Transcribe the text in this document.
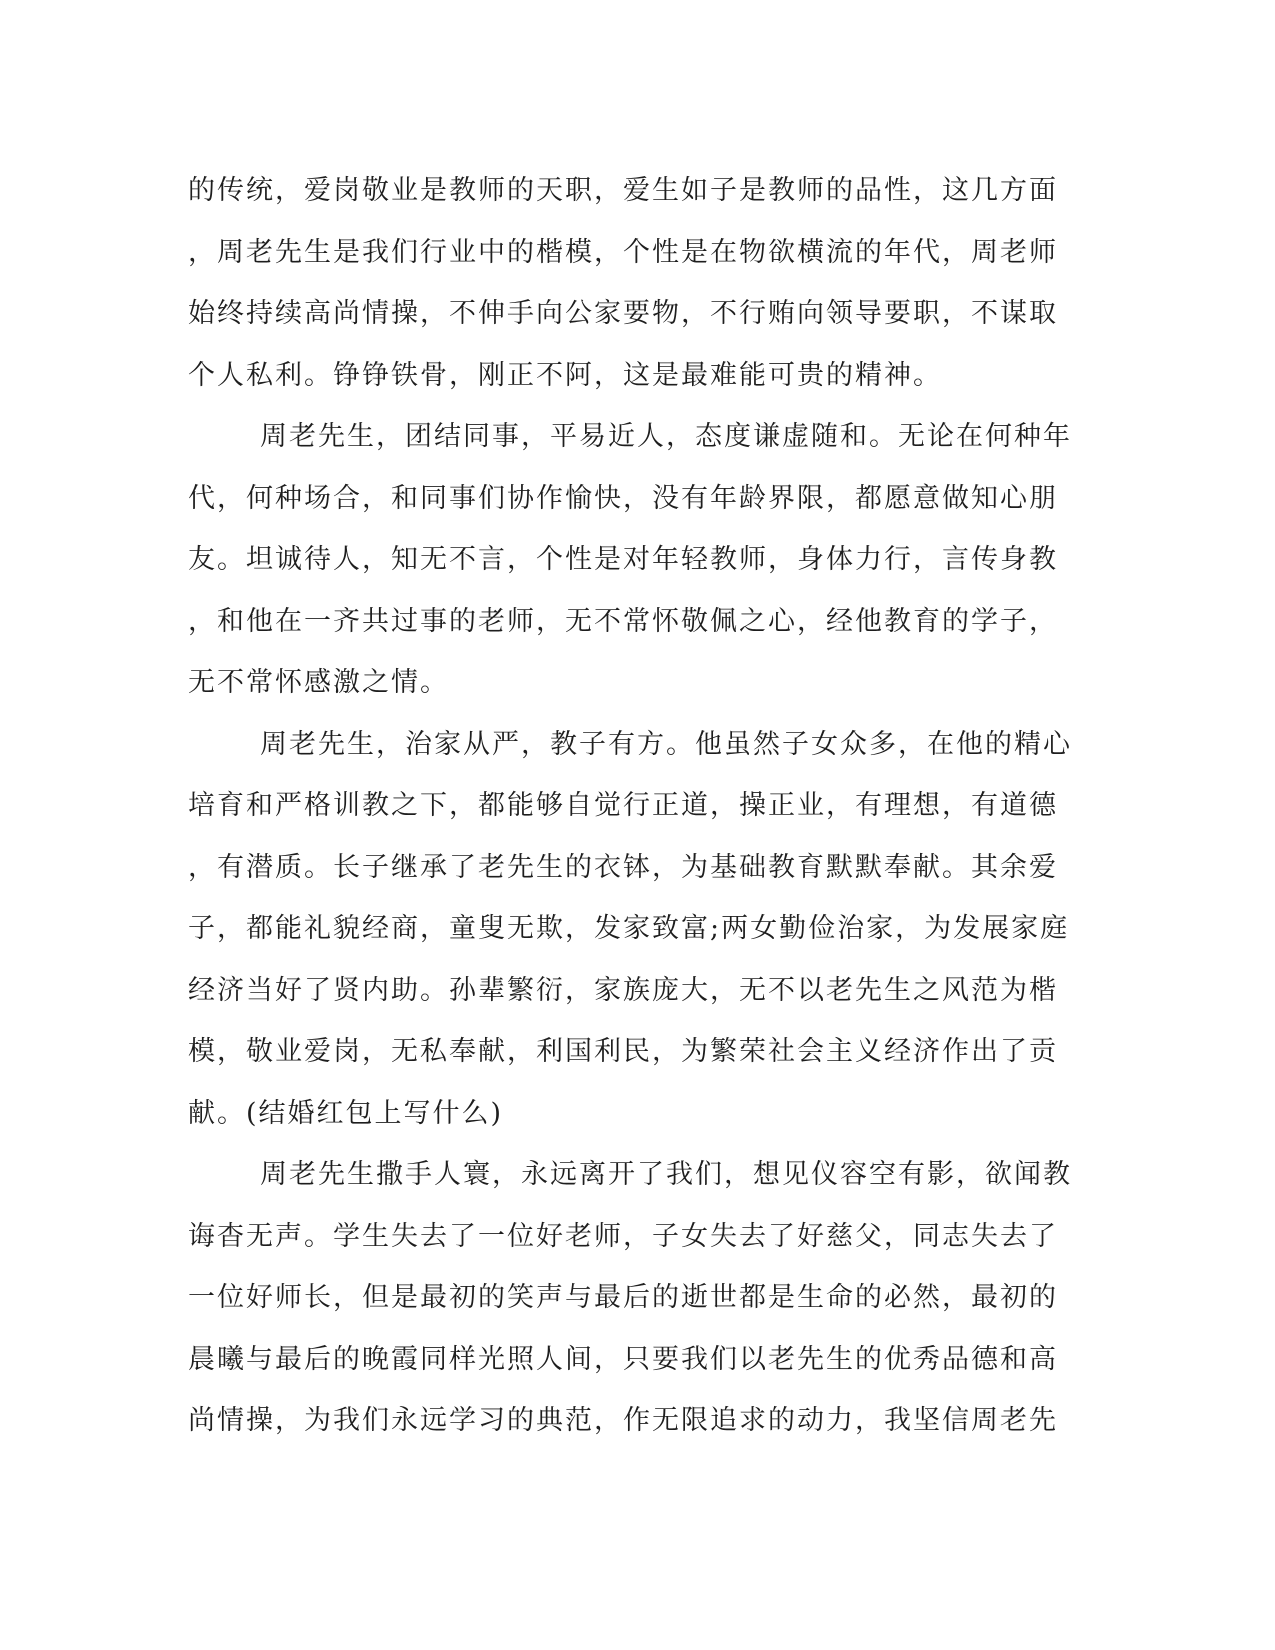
的传统，爱岗敬业是教师的天职，爱生如子是教师的品性，这几方面
，周老先生是我们行业中的楷模，个性是在物欲横流的年代，周老师
始终持续高尚情操，不伸手向公家要物，不行贿向领导要职，不谋取
个人私利。铮铮铁骨，刚正不阿，这是最难能可贵的精神。
周老先生，团结同事，平易近人，态度谦虚随和。无论在何种年
代，何种场合，和同事们协作愉快，没有年龄界限，都愿意做知心朋
友。坦诚待人，知无不言，个性是对年轻教师，身体力行，言传身教
，和他在一齐共过事的老师，无不常怀敬佩之心，经他教育的学子，
无不常怀感激之情。
周老先生，治家从严，教子有方。他虽然子女众多，在他的精心
培育和严格训教之下，都能够自觉行正道，操正业，有理想，有道德
，有潜质。长子继承了老先生的衣钵，为基础教育默默奉献。其余爱
子，都能礼貌经商，童叟无欺，发家致富;两女勤俭治家，为发展家庭
经济当好了贤内助。孙辈繁衍，家族庞大，无不以老先生之风范为楷
模，敬业爱岗，无私奉献，利国利民，为繁荣社会主义经济作出了贡
献。(结婚红包上写什么)
周老先生撒手人寰，永远离开了我们，想见仪容空有影，欲闻教
诲杳无声。学生失去了一位好老师，子女失去了好慈父，同志失去了
一位好师长，但是最初的笑声与最后的逝世都是生命的必然，最初的
晨曦与最后的晚霞同样光照人间，只要我们以老先生的优秀品德和高
尚情操，为我们永远学习的典范，作无限追求的动力，我坚信周老先
